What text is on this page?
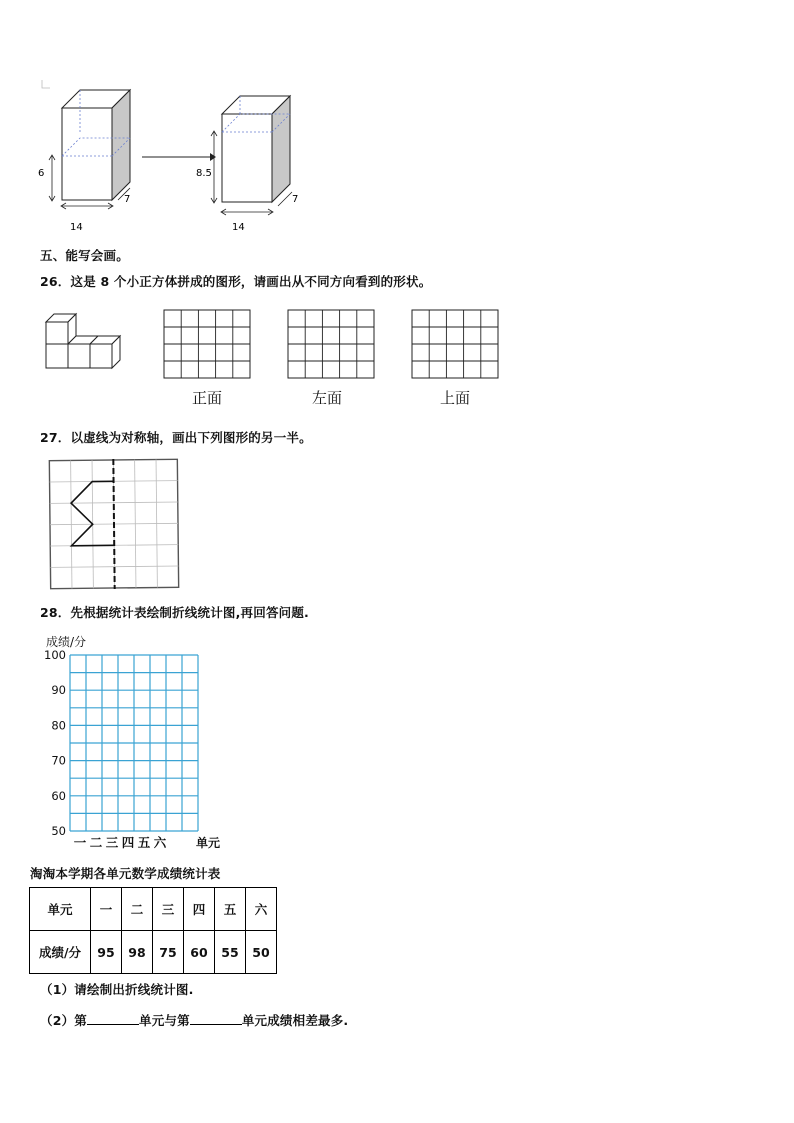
6
14
7
8.5
14
7
五、能写会画。
26．这是 8 个小正方体拼成的图形，请画出从不同方向看到的形状。
正面	左面	上面
27．以虚线为对称轴，画出下列图形的另一半。
28．先根据统计表绘制折线统计图,再回答问题.
成绩/分
100
90
80
70
60
50
一 二 三 四 五 六 单元
淘淘本学期各单元数学成绩统计表
单元	一	二	三	四	五	六
成绩/分	95	98	75	60	55	50
（1）请绘制出折线统计图.
（2）第	单元与第	单元成绩相差最多.
